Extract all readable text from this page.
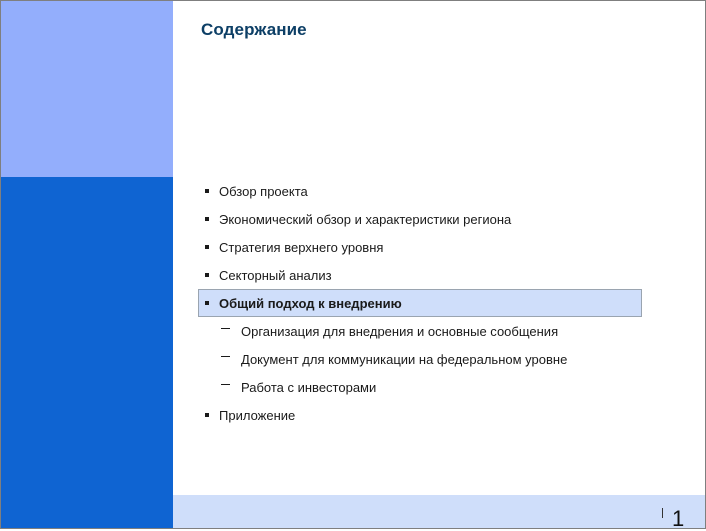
Содержание
Обзор проекта
Экономический обзор и характеристики региона
Стратегия верхнего уровня
Секторный анализ
Общий подход к внедрению
Организация для внедрения и основные сообщения
Документ для коммуникации на федеральном уровне
Работа с инвесторами
Приложение
1
